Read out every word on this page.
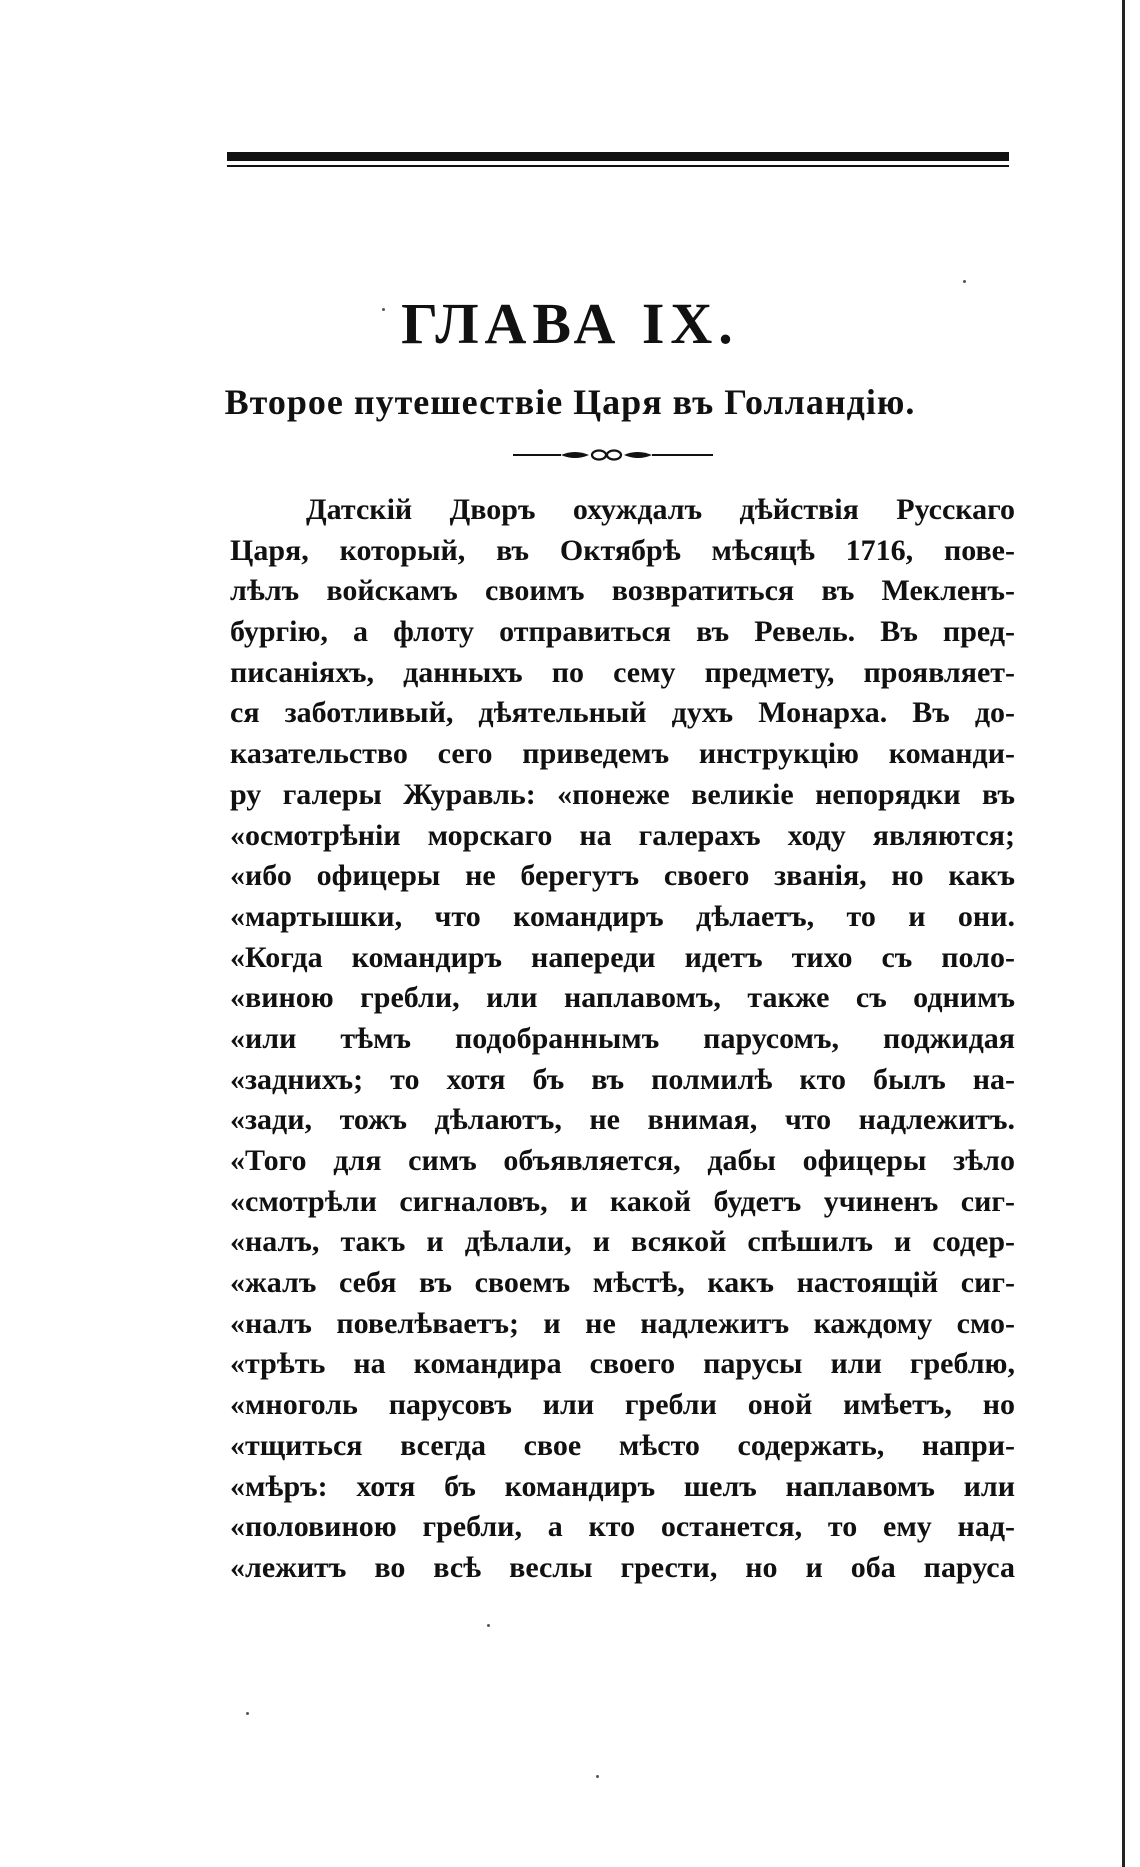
ГЛАВА IX.
Второе путешествіе Царя въ Голландію.
Датскій Дворъ охуждалъ дѣйствія Русскаго
Царя, который, въ Октябрѣ мѣсяцѣ 1716, пове-
лѣлъ войскамъ своимъ возвратиться въ Мекленъ-
бургію, а флоту отправиться въ Ревель. Въ пред-
писаніяхъ, данныхъ по сему предмету, проявляет-
ся заботливый, дѣятельный духъ Монарха. Въ до-
казательство сего приведемъ инструкцію команди-
ру галеры Журавль: «понеже великіе непорядки въ
«осмотрѣніи морскаго на галерахъ ходу являются;
«ибо офицеры не берегутъ своего званія, но какъ
«мартышки, что командиръ дѣлаетъ, то и они.
«Когда командиръ напереди идетъ тихо съ поло-
«виною гребли, или наплавомъ, также съ однимъ
«или тѣмъ подобраннымъ парусомъ, поджидая
«заднихъ; то хотя бъ въ полмилѣ кто былъ на-
«зади, тожъ дѣлаютъ, не внимая, что надлежитъ.
«Того для симъ объявляется, дабы офицеры зѣло
«смотрѣли сигналовъ, и какой будетъ учиненъ сиг-
«налъ, такъ и дѣлали, и всякой спѣшилъ и содер-
«жалъ себя въ своемъ мѣстѣ, какъ настоящій сиг-
«налъ повелѣваетъ; и не надлежитъ каждому смо-
«трѣть на командира своего парусы или греблю,
«многоль парусовъ или гребли оной имѣетъ, но
«тщиться всегда свое мѣсто содержать, напри-
«мѣръ: хотя бъ командиръ шелъ наплавомъ или
«половиною гребли, а кто останется, то ему над-
«лежитъ во всѣ веслы грести, но и оба паруса
